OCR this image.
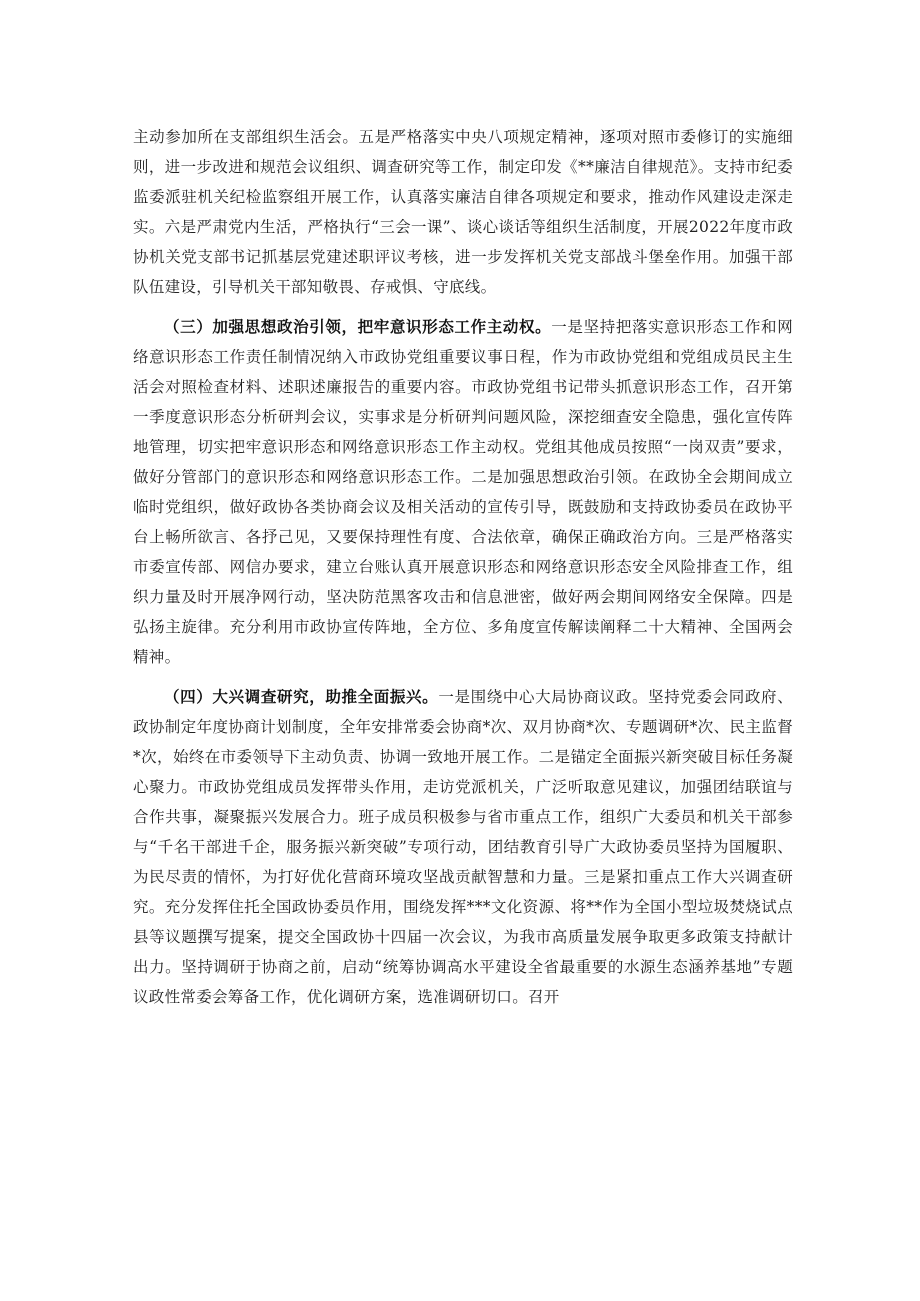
主动参加所在支部组织生活会。五是严格落实中央八项规定精神，逐项对照市委修订的实施细则，进一步改进和规范会议组织、调查研究等工作，制定印发《**廉洁自律规范》。支持市纪委监委派驻机关纪检监察组开展工作，认真落实廉洁自律各项规定和要求，推动作风建设走深走实。六是严肃党内生活，严格执行“三会一课”、谈心谈话等组织生活制度，开展2022年度市政协机关党支部书记抓基层党建述职评议考核，进一步发挥机关党支部战斗堡垒作用。加强干部队伍建设，引导机关干部知敬畏、存戒惧、守底线。

（三）加强思想政治引领，把牢意识形态工作主动权。一是坚持把落实意识形态工作和网络意识形态工作责任制情况纳入市政协党组重要议事日程，作为市政协党组和党组成员民主生活会对照检查材料、述职述廉报告的重要内容。市政协党组书记带头抓意识形态工作，召开第一季度意识形态分析研判会议，实事求是分析研判问题风险，深挖细查安全隐患，强化宣传阵地管理，切实把牢意识形态和网络意识形态工作主动权。党组其他成员按照“一岗双责”要求，做好分管部门的意识形态和网络意识形态工作。二是加强思想政治引领。在政协全会期间成立临时党组织，做好政协各类协商会议及相关活动的宣传引导，既鼓励和支持政协委员在政协平台上畅所欲言、各抒己见，又要保持理性有度、合法依章，确保正确政治方向。三是严格落实市委宣传部、网信办要求，建立台账认真开展意识形态和网络意识形态安全风险排查工作，组织力量及时开展净网行动，坚决防范黑客攻击和信息泄密，做好两会期间网络安全保障。四是弘扬主旋律。充分利用市政协宣传阵地，全方位、多角度宣传解读阐释二十大精神、全国两会精神。

（四）大兴调查研究，助推全面振兴。一是围绕中心大局协商议政。坚持党委会同政府、政协制定年度协商计划制度，全年安排常委会协商*次、双月协商*次、专题调研*次、民主监督*次，始终在市委领导下主动负责、协调一致地开展工作。二是锚定全面振兴新突破目标任务凝心聚力。市政协党组成员发挥带头作用，走访党派机关，广泛听取意见建议，加强团结联谊与合作共事，凝聚振兴发展合力。班子成员积极参与省市重点工作，组织广大委员和机关干部参与“千名干部进千企，服务振兴新突破”专项行动，团结教育引导广大政协委员坚持为国履职、为民尽责的情怀，为打好优化营商环境攻坚战贡献智慧和力量。三是紧扣重点工作大兴调查研究。充分发挥住托全国政协委员作用，围绕发挥***文化资源、将**作为全国小型垃圾焚烧试点县等议题撰写提案，提交全国政协十四届一次会议，为我市高质量发展争取更多政策支持献计出力。坚持调研于协商之前，启动“统筹协调高水平建设全省最重要的水源生态涵养基地”专题议政性常委会筹备工作，优化调研方案，选准调研切口。召开
